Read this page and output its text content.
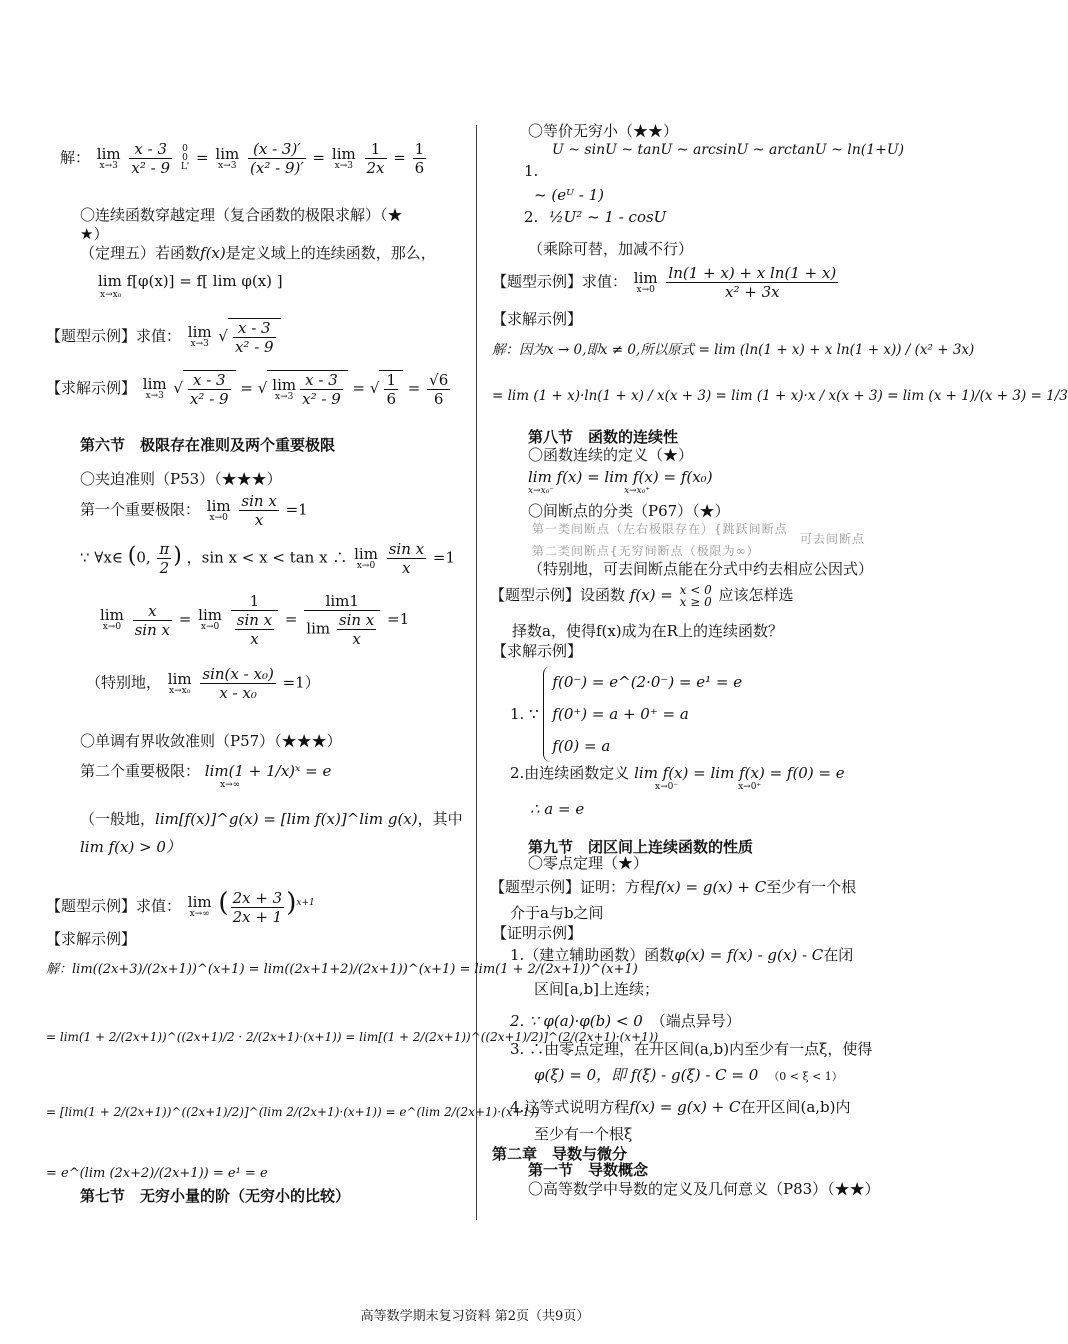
解： lim
x→3
$\frac{x - 3}{\text{x² - 9}}$
0
0
L'
= lim
x→3
$\frac{(x - 3)'}{\text{(x² - 9)′}} = \lim$
x→3
$\frac{1}{2x} = \frac{1}{6}$
〇连续函数穿越定理（复合函数的极限求解）（★
★）
（定理五）若函数f(x)是定义域上的连续函数，那么，
lim f[φ(x)] = f[ lim φ(x) ]
x→x₀
【题型示例】求值： lim
x→3 √ $\frac{x - 3}{\text{x² - 9}}$
【求解示例】 lim
x→3 √ $\frac{x - 3}{\text{x² - 9}}$ = √ lim
$x\to 3 \frac{x - 3}{\text{x² - 9}}$ = √ $\frac{1}{6} = \frac{√6}{6}$
第六节　极限存在准则及两个重要极限
〇夹迫准则（P53）（★★★）
第一个重要极限： lim
x→0
$\frac{\text{sin x}}{x} =1$
∵ ∀x∈ (0, $\frac{\pi}{2}$ ) ，sin x < x < tan x ∴ lim
x→0
$\frac{\text{sin x}}{x} =1$
lim
x→0
$\frac{x}{\text{sin x}} = \lim$
x→0
$\frac{1}{\frac{\text{sin x}}{x}} = \frac{\lim 1}{\lim \frac{\text{sin x}}{x}} =1$
（特别地， lim
x→x₀
$\frac{\text{sin(x - x₀)}}{\text{x - x₀}} =1$）
〇单调有界收敛准则（P57）（★★★）
第二个重要极限： lim(1 + 1/x)ˣ = e
x→∞
（一般地，lim[f(x)]^g(x) = [lim f(x)]^lim g(x)，其中
lim f(x) > 0）
【题型示例】求值： lim
x→∞ ( $\frac{2x + 3}{2x + 1} )^{x+1}$
【求解示例】
解：lim((2x+3)/(2x+1))^(x+1) = lim((2x+1+2)/(2x+1))^(x+1) = lim(1 + 2/(2x+1))^(x+1)
= lim(1 + 2/(2x+1))^((2x+1)/2 · 2/(2x+1)·(x+1)) = lim[(1 + 2/(2x+1))^((2x+1)/2)]^(2/(2x+1)·(x+1))
= [lim(1 + 2/(2x+1))^((2x+1)/2)]^(lim 2/(2x+1)·(x+1)) = e^(lim 2/(2x+1)·(x+1))
= e^(lim (2x+2)/(2x+1)) = e¹ = e
第七节　无穷小量的阶（无穷小的比较）
〇等价无穷小（★★）
U ~ sinU ~ tanU ~ arcsinU ~ arctanU ~ ln(1+U)
1.
~ (eᵁ - 1)
2. ½U² ~ 1 - cosU
（乘除可替，加减不行）
【题型示例】求值： lim
x→0
$\frac{\text{ln(1 + x) + x ln(1 + x)}}{\text{x² + 3x}}$
【求解示例】
解：因为x → 0,即x ≠ 0,所以原式 = lim (ln(1 + x) + x ln(1 + x)) / (x² + 3x)
= lim (1 + x)·ln(1 + x) / x(x + 3) = lim (1 + x)·x / x(x + 3) = lim (x + 1)/(x + 3) = 1/3
第八节　函数的连续性
〇函数连续的定义（★）
lim f(x) = lim f(x) = f(x₀)
x→x₀⁻	x→x₀⁺
〇间断点的分类（P67）（★）
第一类间断点（左右极限存在）{跳跃间断点
可去间断点
第二类间断点{无穷间断点（极限为∞）
（特别地，可去间断点能在分式中约去相应公因式）
【题型示例】设函数 f(x) = x < 0
x ≥ 0 应该怎样选
择数a，使得f(x)成为在R上的连续函数？
【求解示例】
1. ∵
f(0⁻) = e^(2·0⁻) = e¹ = e
f(0⁺) = a + 0⁺ = a
f(0) = a
2.由连续函数定义 lim f(x) = lim f(x) = f(0) = e
x→0⁻	x→0⁺
∴ a = e
第九节　闭区间上连续函数的性质
〇零点定理（★）
【题型示例】证明：方程f(x) = g(x) + C至少有一个根
介于a与b之间
【证明示例】
1.（建立辅助函数）函数φ(x) = f(x) - g(x) - C在闭
区间[a,b]上连续；
2. ∵ φ(a)·φ(b) < 0 （端点异号）
3. ∴由零点定理，在开区间(a,b)内至少有一点ξ，使得
φ(ξ) = 0，即 f(ξ) - g(ξ) - C = 0 （0 < ξ < 1）
4.这等式说明方程f(x) = g(x) + C在开区间(a,b)内
至少有一个根ξ
第二章　导数与微分
第一节　导数概念
〇高等数学中导数的定义及几何意义（P83）（★★）
高等数学期末复习资料 第2页（共9页）
